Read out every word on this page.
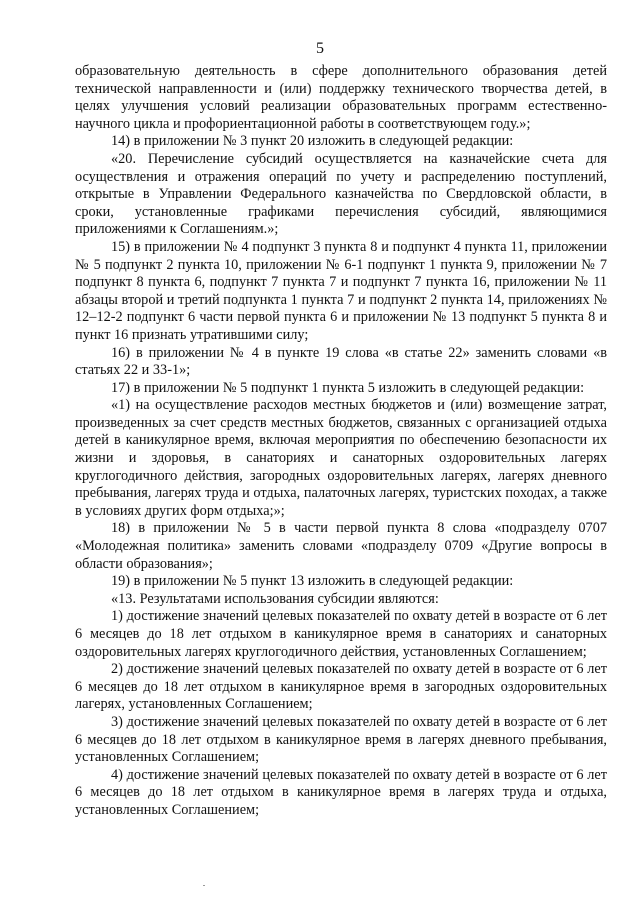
5

образовательную деятельность в сфере дополнительного образования детей технической направленности и (или) поддержку технического творчества детей, в целях улучшения условий реализации образовательных программ естественно-научного цикла и профориентационной работы в соответствующем году.»;

14) в приложении № 3 пункт 20 изложить в следующей редакции:

«20. Перечисление субсидий осуществляется на казначейские счета для осуществления и отражения операций по учету и распределению поступлений, открытые в Управлении Федерального казначейства по Свердловской области, в сроки, установленные графиками перечисления субсидий, являющимися приложениями к Соглашениям.»;

15) в приложении № 4 подпункт 3 пункта 8 и подпункт 4 пункта 11, приложении № 5 подпункт 2 пункта 10, приложении № 6-1 подпункт 1 пункта 9, приложении № 7 подпункт 8 пункта 6, подпункт 7 пункта 7 и подпункт 7 пункта 16, приложении № 11 абзацы второй и третий подпункта 1 пункта 7 и подпункт 2 пункта 14, приложениях № 12–12-2 подпункт 6 части первой пункта 6 и приложении № 13 подпункт 5 пункта 8 и пункт 16 признать утратившими силу;

16) в приложении № 4 в пункте 19 слова «в статье 22» заменить словами «в статьях 22 и 33-1»;

17) в приложении № 5 подпункт 1 пункта 5 изложить в следующей редакции:

«1) на осуществление расходов местных бюджетов и (или) возмещение затрат, произведенных за счет средств местных бюджетов, связанных с организацией отдыха детей в каникулярное время, включая мероприятия по обеспечению безопасности их жизни и здоровья, в санаториях и санаторных оздоровительных лагерях круглогодичного действия, загородных оздоровительных лагерях, лагерях дневного пребывания, лагерях труда и отдыха, палаточных лагерях, туристских походах, а также в условиях других форм отдыха;»;

18) в приложении № 5 в части первой пункта 8 слова «подразделу 0707 «Молодежная политика» заменить словами «подразделу 0709 «Другие вопросы в области образования»;

19) в приложении № 5 пункт 13 изложить в следующей редакции:

«13. Результатами использования субсидии являются:

1) достижение значений целевых показателей по охвату детей в возрасте от 6 лет 6 месяцев до 18 лет отдыхом в каникулярное время в санаториях и санаторных оздоровительных лагерях круглогодичного действия, установленных Соглашением;

2) достижение значений целевых показателей по охвату детей в возрасте от 6 лет 6 месяцев до 18 лет отдыхом в каникулярное время в загородных оздоровительных лагерях, установленных Соглашением;

3) достижение значений целевых показателей по охвату детей в возрасте от 6 лет 6 месяцев до 18 лет отдыхом в каникулярное время в лагерях дневного пребывания, установленных Соглашением;

4) достижение значений целевых показателей по охвату детей в возрасте от 6 лет 6 месяцев до 18 лет отдыхом в каникулярное время в лагерях труда и отдыха, установленных Соглашением;
